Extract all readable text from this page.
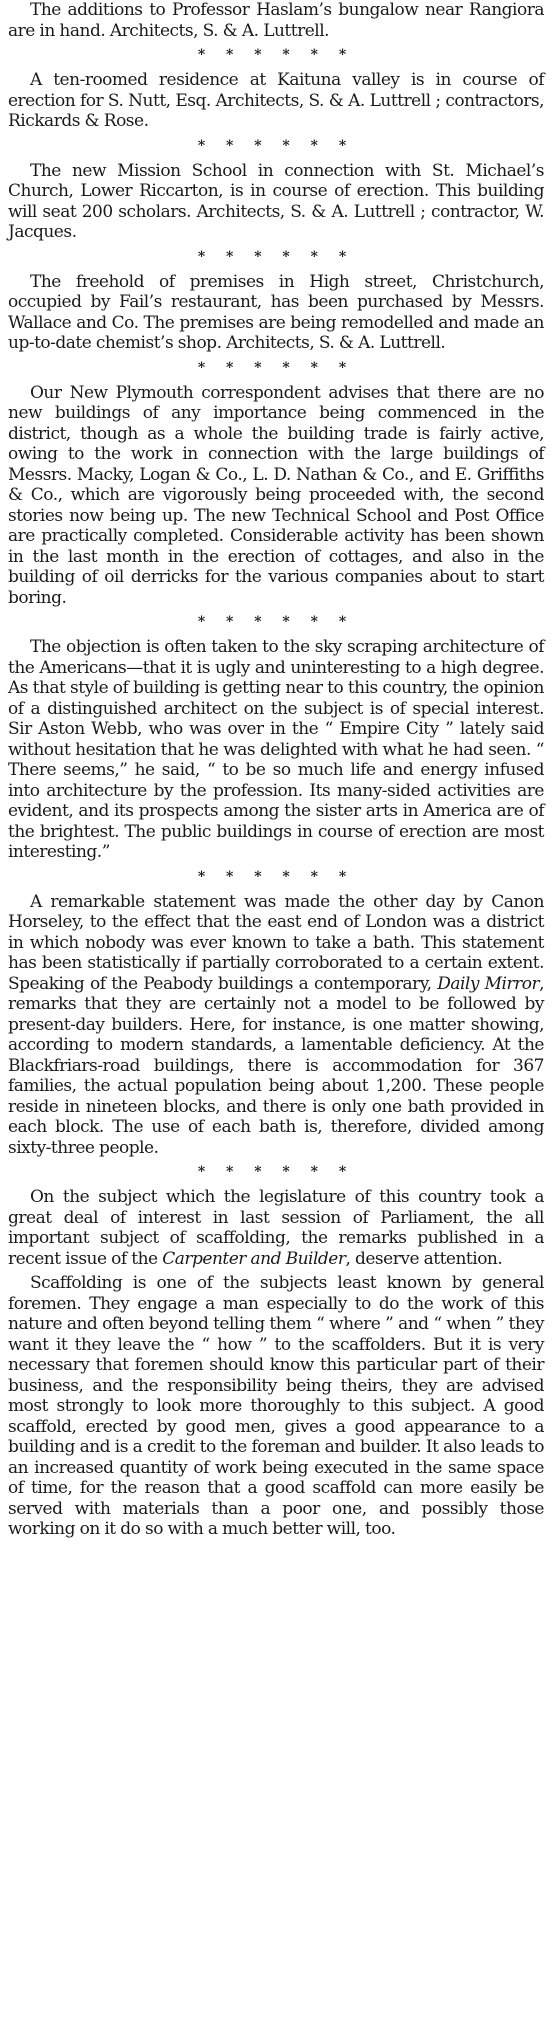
The additions to Professor Haslam’s bungalow near Rangiora are in hand. Architects, S. & A. Luttrell.

* * * * * *

A ten-roomed residence at Kaituna valley is in course of erection for S. Nutt, Esq. Architects, S. & A. Luttrell ; contractors, Rickards & Rose.

* * * * * *

The new Mission School in connection with St. Michael’s Church, Lower Riccarton, is in course of erection. This building will seat 200 scholars. Architects, S. & A. Luttrell ; contractor, W. Jacques.

* * * * * *

The freehold of premises in High street, Christchurch, occupied by Fail’s restaurant, has been purchased by Messrs. Wallace and Co. The premises are being remodelled and made an up-to-date chemist’s shop. Architects, S. & A. Luttrell.

* * * * * *

Our New Plymouth correspondent advises that there are no new buildings of any importance being commenced in the district, though as a whole the building trade is fairly active, owing to the work in connection with the large buildings of Messrs. Macky, Logan & Co., L. D. Nathan & Co., and E. Griffiths & Co., which are vigorously being proceeded with, the second stories now being up. The new Technical School and Post Office are practically completed. Considerable activity has been shown in the last month in the erection of cottages, and also in the building of oil derricks for the various companies about to start boring.

* * * * * *

The objection is often taken to the sky scraping architecture of the Americans—that it is ugly and uninteresting to a high degree. As that style of building is getting near to this country, the opinion of a distinguished architect on the subject is of special interest. Sir Aston Webb, who was over in the “ Empire City ” lately said without hesitation that he was delighted with what he had seen. “ There seems,” he said, “ to be so much life and energy infused into architecture by the profession. Its many-sided activities are evident, and its prospects among the sister arts in America are of the brightest. The public buildings in course of erection are most interesting.”

* * * * * *

A remarkable statement was made the other day by Canon Horseley, to the effect that the east end of London was a district in which nobody was ever known to take a bath. This statement has been statistically if partially corroborated to a certain extent. Speaking of the Peabody buildings a contemporary, Daily Mirror, remarks that they are certainly not a model to be followed by present-day builders. Here, for instance, is one matter showing, according to modern standards, a lamentable deficiency. At the Blackfriars-road buildings, there is accommodation for 367 families, the actual population being about 1,200. These people reside in nineteen blocks, and there is only one bath provided in each block. The use of each bath is, therefore, divided among sixty-three people.

* * * * * *

On the subject which the legislature of this country took a great deal of interest in last session of Parliament, the all important subject of scaffolding, the remarks published in a recent issue of the Carpenter and Builder, deserve attention.

Scaffolding is one of the subjects least known by general foremen. They engage a man especially to do the work of this nature and often beyond telling them “ where ” and “ when ” they want it they leave the “ how ” to the scaffolders. But it is very necessary that foremen should know this particular part of their business, and the responsibility being theirs, they are advised most strongly to look more thoroughly to this subject. A good scaffold, erected by good men, gives a good appearance to a building and is a credit to the foreman and builder. It also leads to an increased quantity of work being executed in the same space of time, for the reason that a good scaffold can more easily be served with materials than a poor one, and possibly those working on it do so with a much better will, too.
